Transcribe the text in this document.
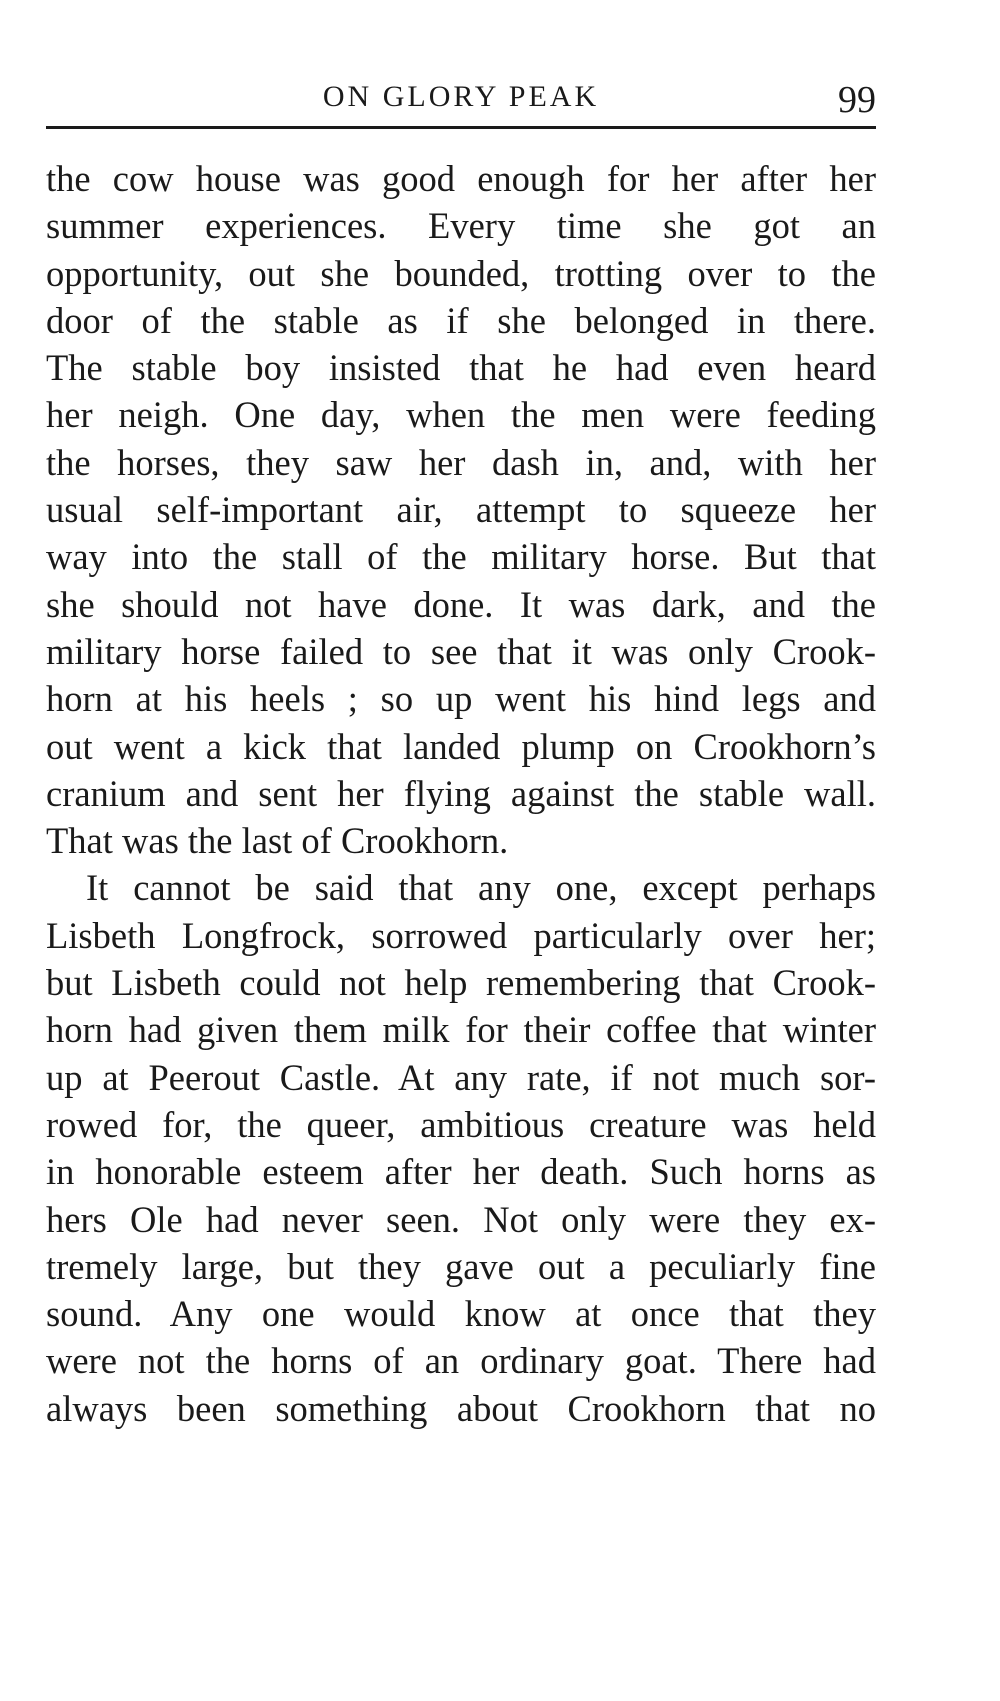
ON GLORY PEAK	99
the cow house was good enough for her after her
summer experiences. Every time she got an
opportunity, out she bounded, trotting over to the
door of the stable as if she belonged in there.
The stable boy insisted that he had even heard
her neigh. One day, when the men were feeding
the horses, they saw her dash in, and, with her
usual self-important air, attempt to squeeze her
way into the stall of the military horse. But that
she should not have done. It was dark, and the
military horse failed to see that it was only Crook-
horn at his heels ; so up went his hind legs and
out went a kick that landed plump on Crookhorn’s
cranium and sent her flying against the stable wall.
That was the last of Crookhorn.
It cannot be said that any one, except perhaps
Lisbeth Longfrock, sorrowed particularly over her;
but Lisbeth could not help remembering that Crook-
horn had given them milk for their coffee that winter
up at Peerout Castle. At any rate, if not much sor-
rowed for, the queer, ambitious creature was held
in honorable esteem after her death. Such horns as
hers Ole had never seen. Not only were they ex-
tremely large, but they gave out a peculiarly fine
sound. Any one would know at once that they
were not the horns of an ordinary goat. There had
always been something about Crookhorn that no
